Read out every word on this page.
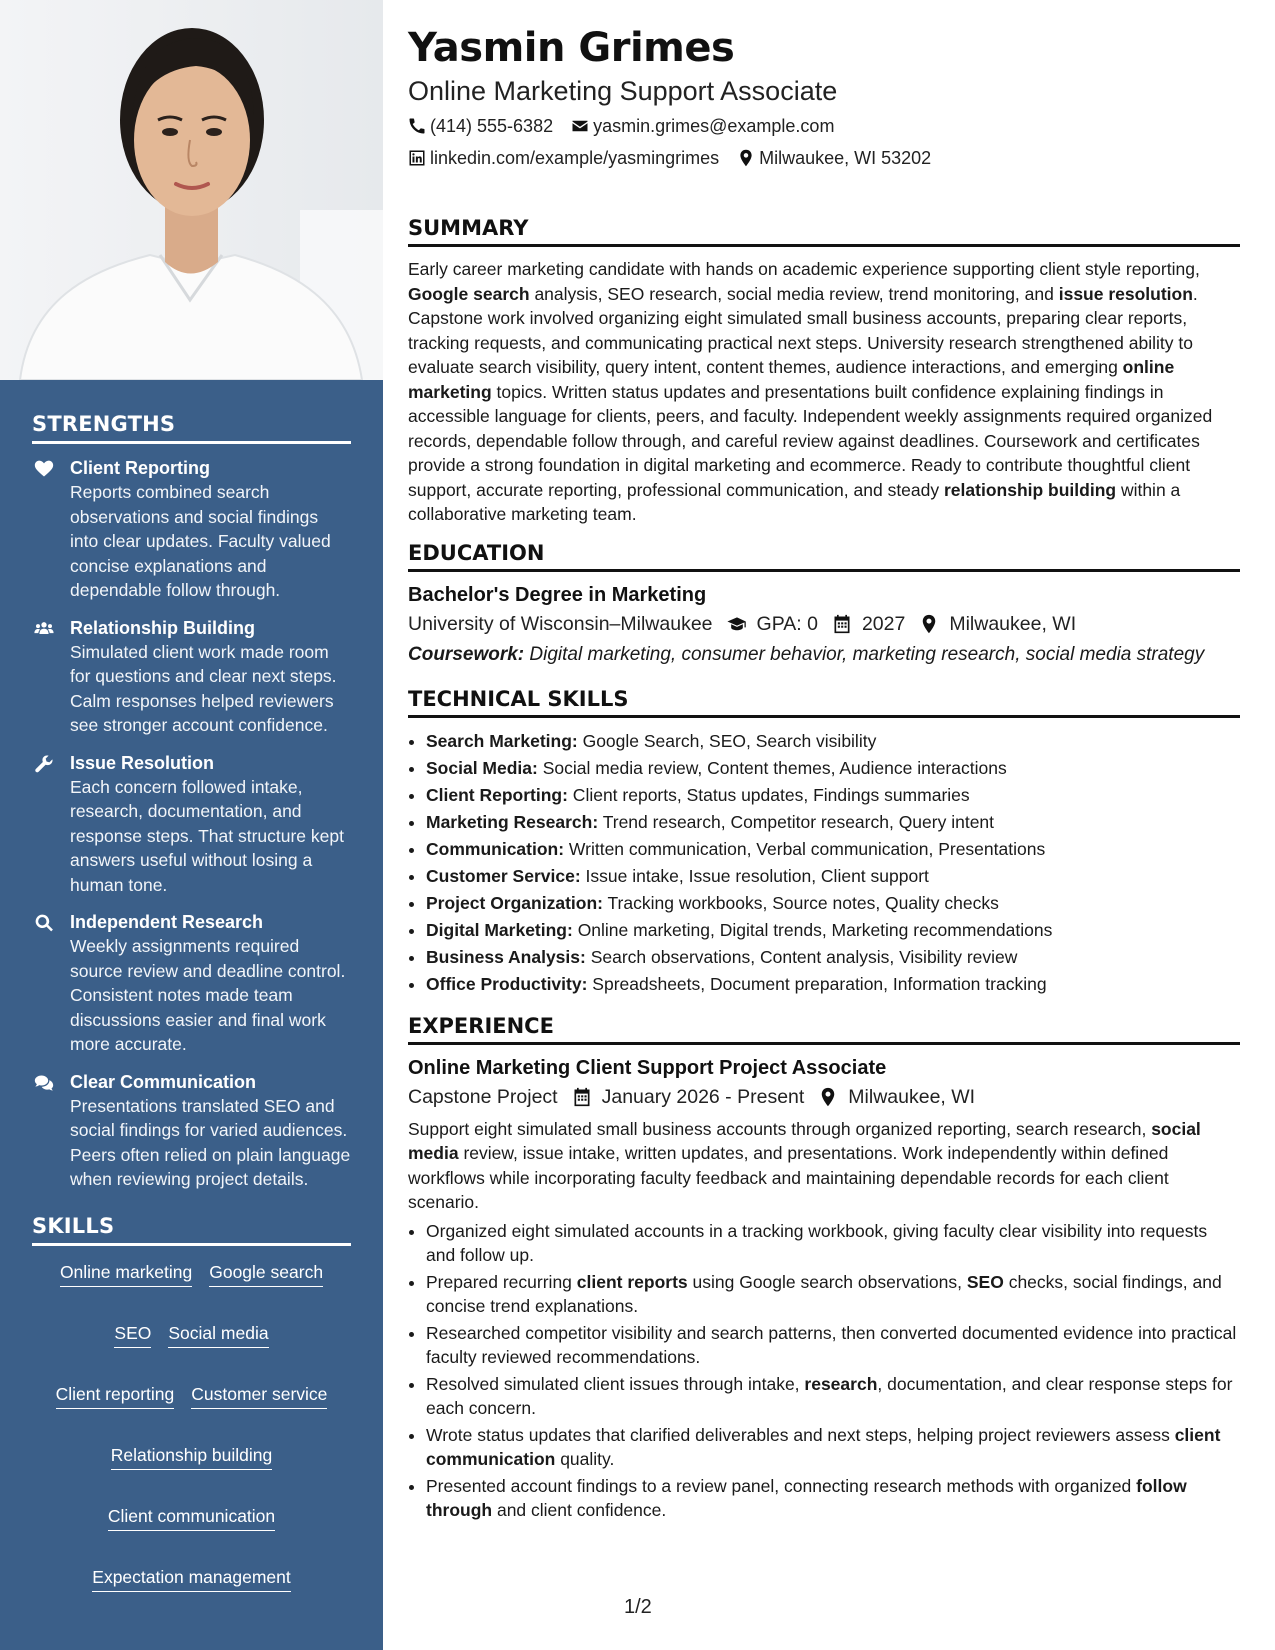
STRENGTHS
Client Reporting
Reports combined search observations and social findings into clear updates. Faculty valued concise explanations and dependable follow through.
Relationship Building
Simulated client work made room for questions and clear next steps. Calm responses helped reviewers see stronger account confidence.
Issue Resolution
Each concern followed intake, research, documentation, and response steps. That structure kept answers useful without losing a human tone.
Independent Research
Weekly assignments required source review and deadline control. Consistent notes made team discussions easier and final work more accurate.
Clear Communication
Presentations translated SEO and social findings for varied audiences. Peers often relied on plain language when reviewing project details.
SKILLS
Online marketing Google search
SEO Social media
Client reporting Customer service
Relationship building
Client communication
Expectation management
Yasmin Grimes
Online Marketing Support Associate
(414) 555-6382 yasmin.grimes@example.com
linkedin.com/example/yasmingrimes Milwaukee, WI 53202
SUMMARY

Early career marketing candidate with hands on academic experience supporting client style reporting, Google search analysis, SEO research, social media review, trend monitoring, and issue resolution. Capstone work involved organizing eight simulated small business accounts, preparing clear reports, tracking requests, and communicating practical next steps. University research strengthened ability to evaluate search visibility, query intent, content themes, audience interactions, and emerging online marketing topics. Written status updates and presentations built confidence explaining findings in accessible language for clients, peers, and faculty. Independent weekly assignments required organized records, dependable follow through, and careful review against deadlines. Coursework and certificates provide a strong foundation in digital marketing and ecommerce. Ready to contribute thoughtful client support, accurate reporting, professional communication, and steady relationship building within a collaborative marketing team.

EDUCATION
Bachelor's Degree in Marketing
University of Wisconsin–Milwaukee GPA: 0 2027 Milwaukee, WI
Coursework: Digital marketing, consumer behavior, marketing research, social media strategy
TECHNICAL SKILLS
• Search Marketing: Google Search, SEO, Search visibility
• Social Media: Social media review, Content themes, Audience interactions
• Client Reporting: Client reports, Status updates, Findings summaries
• Marketing Research: Trend research, Competitor research, Query intent
• Communication: Written communication, Verbal communication, Presentations
• Customer Service: Issue intake, Issue resolution, Client support
• Project Organization: Tracking workbooks, Source notes, Quality checks
• Digital Marketing: Online marketing, Digital trends, Marketing recommendations
• Business Analysis: Search observations, Content analysis, Visibility review
• Office Productivity: Spreadsheets, Document preparation, Information tracking
EXPERIENCE
Online Marketing Client Support Project Associate
Capstone Project January 2026 - Present Milwaukee, WI
Support eight simulated small business accounts through organized reporting, search research, social media review, issue intake, written updates, and presentations. Work independently within defined workflows while incorporating faculty feedback and maintaining dependable records for each client scenario.
• Organized eight simulated accounts in a tracking workbook, giving faculty clear visibility into requests and follow up.
• Prepared recurring client reports using Google search observations, SEO checks, social findings, and concise trend explanations.
• Researched competitor visibility and search patterns, then converted documented evidence into practical faculty reviewed recommendations.
• Resolved simulated client issues through intake, research, documentation, and clear response steps for each concern.
• Wrote status updates that clarified deliverables and next steps, helping project reviewers assess client communication quality.
• Presented account findings to a review panel, connecting research methods with organized follow through and client confidence.
1/2
